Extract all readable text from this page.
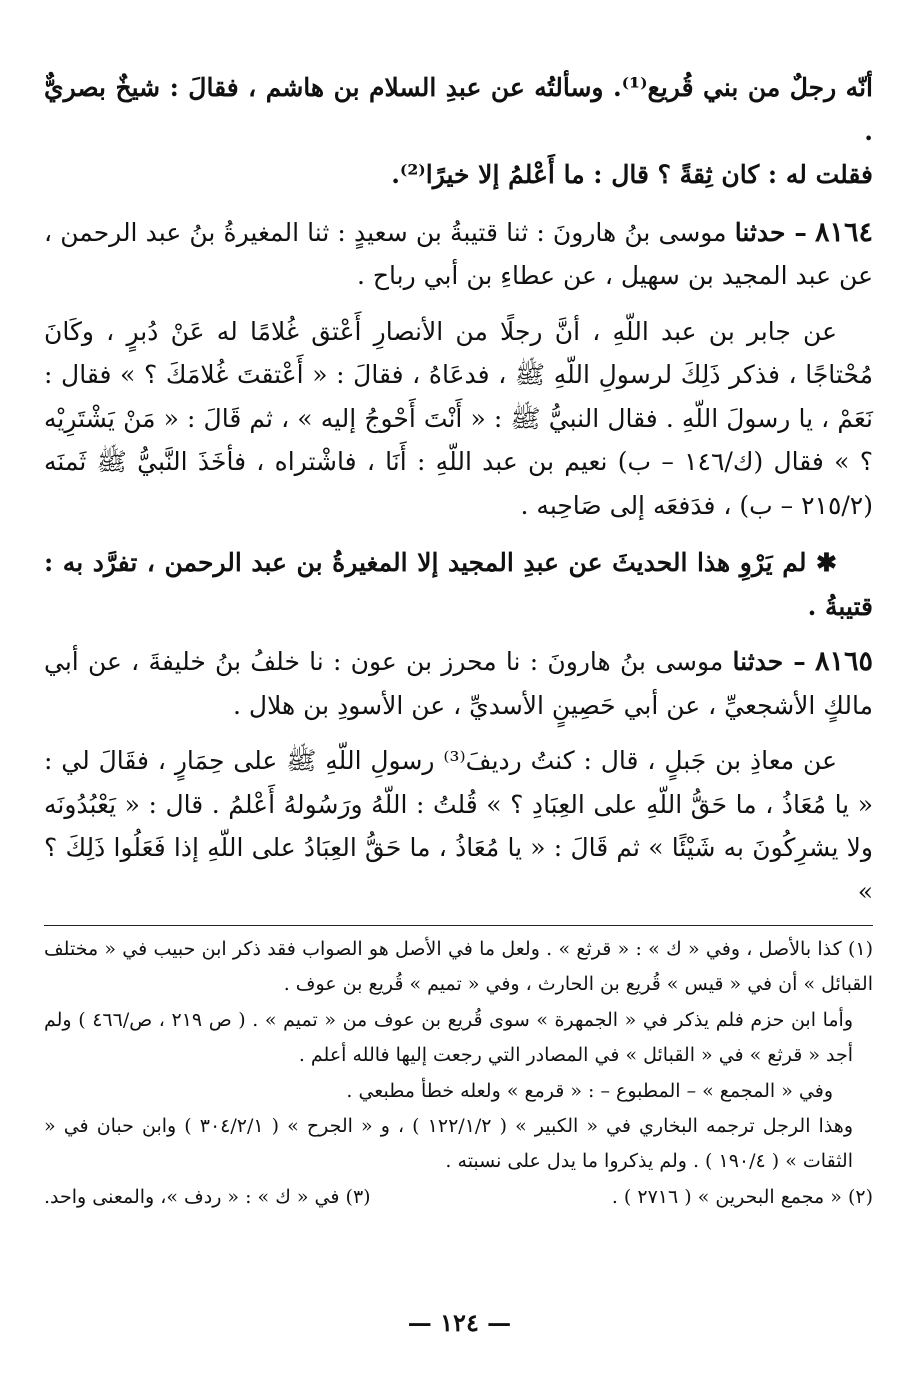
أنّه رجلٌ من بني قُريع⁽¹⁾. وسألتُه عن عبدِ السلام بن هاشم ، فقالَ : شيخٌ بصريٌّ .

فقلت له : كان ثِقةً ؟ قال : ما أَعْلمُ إلا خيرًا⁽²⁾.

٨١٦٤ – حدثنا موسى بنُ هارونَ : ثنا قتيبةُ بن سعيدٍ : ثنا المغيرةُ بنُ عبد الرحمن ، عن عبد المجيد بن سهيل ، عن عطاءِ بن أبي رباح .

عن جابر بن عبد اللّهِ ، أنَّ رجلًا من الأنصارِ أَعْتق غُلامًا له عَنْ دُبرٍ ، وكَانَ مُحْتاجًا ، فذكر ذَلِكَ لرسولِ اللّهِ ﷺ ، فدعَاهُ ، فقالَ : « أَعْتقتَ غُلامَكَ ؟ » فقال : نَعَمْ ، يا رسولَ اللّهِ . فقال النبيُّ ﷺ : « أَنْتَ أَحْوجُ إليه » ، ثم قَالَ : « مَنْ يَشْتَرِيْه ؟ » فقال (ك/١٤٦ – ب) نعيم بن عبد اللّهِ : أَنَا ، فاشْتراه ، فأخَذَ النَّبيُّ ﷺ ثَمنَه (٢١٥/٢ – ب) ، فدَفعَه إلى صَاحِبه .

✱ لم يَرْوِ هذا الحديثَ عن عبدِ المجيد إلا المغيرةُ بن عبد الرحمن ، تفرَّد به : قتيبةُ .

٨١٦٥ – حدثنا موسى بنُ هارونَ : نا محرز بن عون : نا خلفُ بنُ خليفةَ ، عن أبي مالكٍ الأشجعيِّ ، عن أبي حَصِينٍ الأسديِّ ، عن الأسودِ بن هلال .

عن معاذِ بن جَبلٍ ، قال : كنتُ رديفَ⁽³⁾ رسولِ اللّهِ ﷺ على حِمَارٍ ، فقَالَ لي : « يا مُعَاذُ ، ما حَقُّ اللّهِ على العِبَادِ ؟ » قُلتُ : اللّهُ ورَسُولهُ أَعْلمُ . قال : « يَعْبُدُونَه ولا يشرِكُونَ به شَيْئًا » ثم قَالَ : « يا مُعَاذُ ، ما حَقُّ العِبَادُ على اللّهِ إذا فَعَلُوا ذَلِكَ ؟ »

(١) كذا بالأصل ، وفي « ك » : « قرثع » . ولعل ما في الأصل هو الصواب فقد ذكر ابن حبيب في « مختلف القبائل » أن في « قيس » قُريع بن الحارث ، وفي « تميم » قُريع بن عوف .

وأما ابن حزم فلم يذكر في « الجمهرة » سوى قُريع بن عوف من « تميم » . ( ص ٢١٩ ، ص/٤٦٦ ) ولم أجد « قرثع » في « القبائل » في المصادر التي رجعت إليها فالله أعلم .

وفي « المجمع » – المطبوع – : « قرمع » ولعله خطأ مطبعي .

وهذا الرجل ترجمه البخاري في « الكبير » ( ١٢٢/١/٢ ) ، و « الجرح » ( ٣٠٤/٢/١ ) وابن حبان في « الثقات » ( ١٩٠/٤ ) . ولم يذكروا ما يدل على نسبته .

(٢) « مجمع البحرين » ( ٢٧١٦ ) .
(٣) في « ك » : « ردف »، والمعنى واحد.
— ١٢٤ —
